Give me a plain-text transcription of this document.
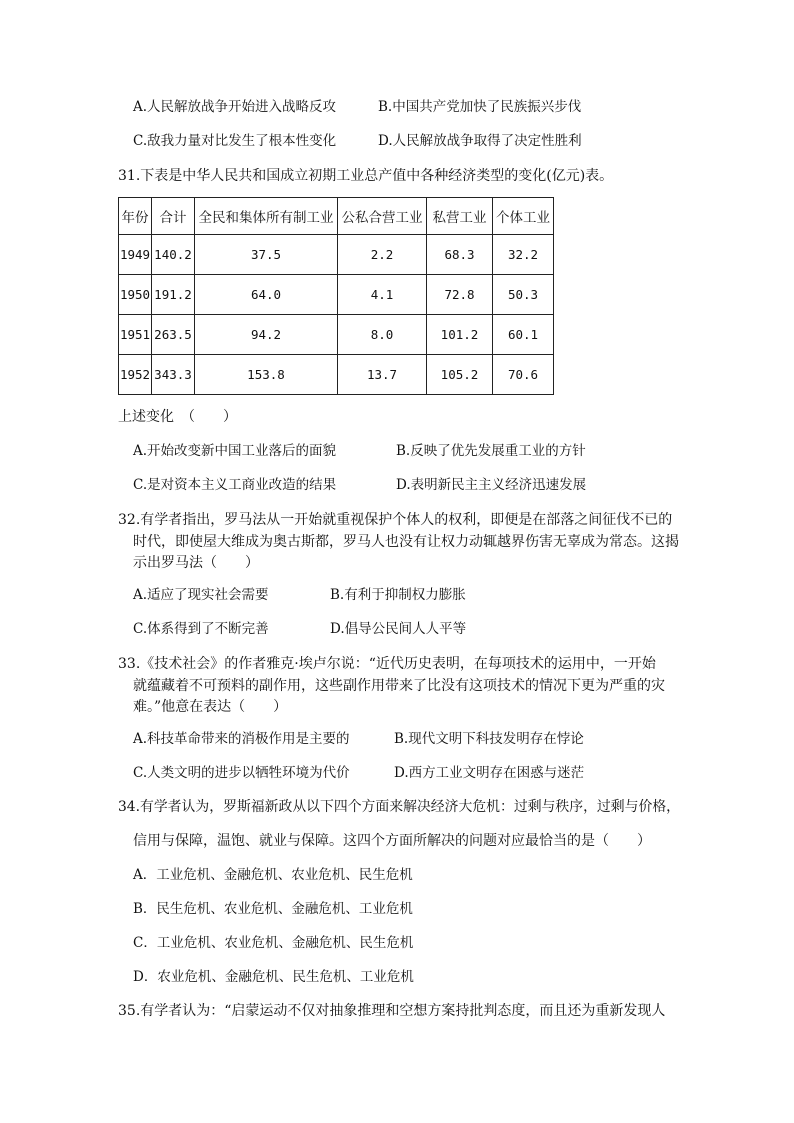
A.人民解放战争开始进入战略反攻	B.中国共产党加快了民族振兴步伐
C.敌我力量对比发生了根本性变化	D.人民解放战争取得了决定性胜利
31.下表是中华人民共和国成立初期工业总产值中各种经济类型的变化(亿元)表。
年份	合计	全民和集体所有制工业	公私合营工业	私营工业	个体工业
1949	140.2	37.5	2.2	68.3	32.2
1950	191.2	64.0	4.1	72.8	50.3
1951	263.5	94.2	8.0	101.2	60.1
1952	343.3	153.8	13.7	105.2	70.6
上述变化　（　　）
A.开始改变新中国工业落后的面貌	B.反映了优先发展重工业的方针
C.是对资本主义工商业改造的结果	D.表明新民主主义经济迅速发展
32.有学者指出，罗马法从一开始就重视保护个体人的权利，即便是在部落之间征伐不已的
时代，即使屋大维成为奥古斯都，罗马人也没有让权力动辄越界伤害无辜成为常态。这揭
示出罗马法（　　）
A.适应了现实社会需要	B.有利于抑制权力膨胀
C.体系得到了不断完善	D.倡导公民间人人平等
33.《技术社会》的作者雅克·埃卢尔说：“近代历史表明，在每项技术的运用中，一开始
就蕴藏着不可预料的副作用，这些副作用带来了比没有这项技术的情况下更为严重的灾
难。”他意在表达（　　）
A.科技革命带来的消极作用是主要的	B.现代文明下科技发明存在悖论
C.人类文明的进步以牺牲环境为代价	D.西方工业文明存在困惑与迷茫
34.有学者认为，罗斯福新政从以下四个方面来解决经济大危机：过剩与秩序，过剩与价格，
信用与保障，温饱、就业与保障。这四个方面所解决的问题对应最恰当的是（　　）
A．工业危机、金融危机、农业危机、民生危机
B．民生危机、农业危机、金融危机、工业危机
C．工业危机、农业危机、金融危机、民生危机
D．农业危机、金融危机、民生危机、工业危机
35.有学者认为：“启蒙运动不仅对抽象推理和空想方案持批判态度，而且还为重新发现人
